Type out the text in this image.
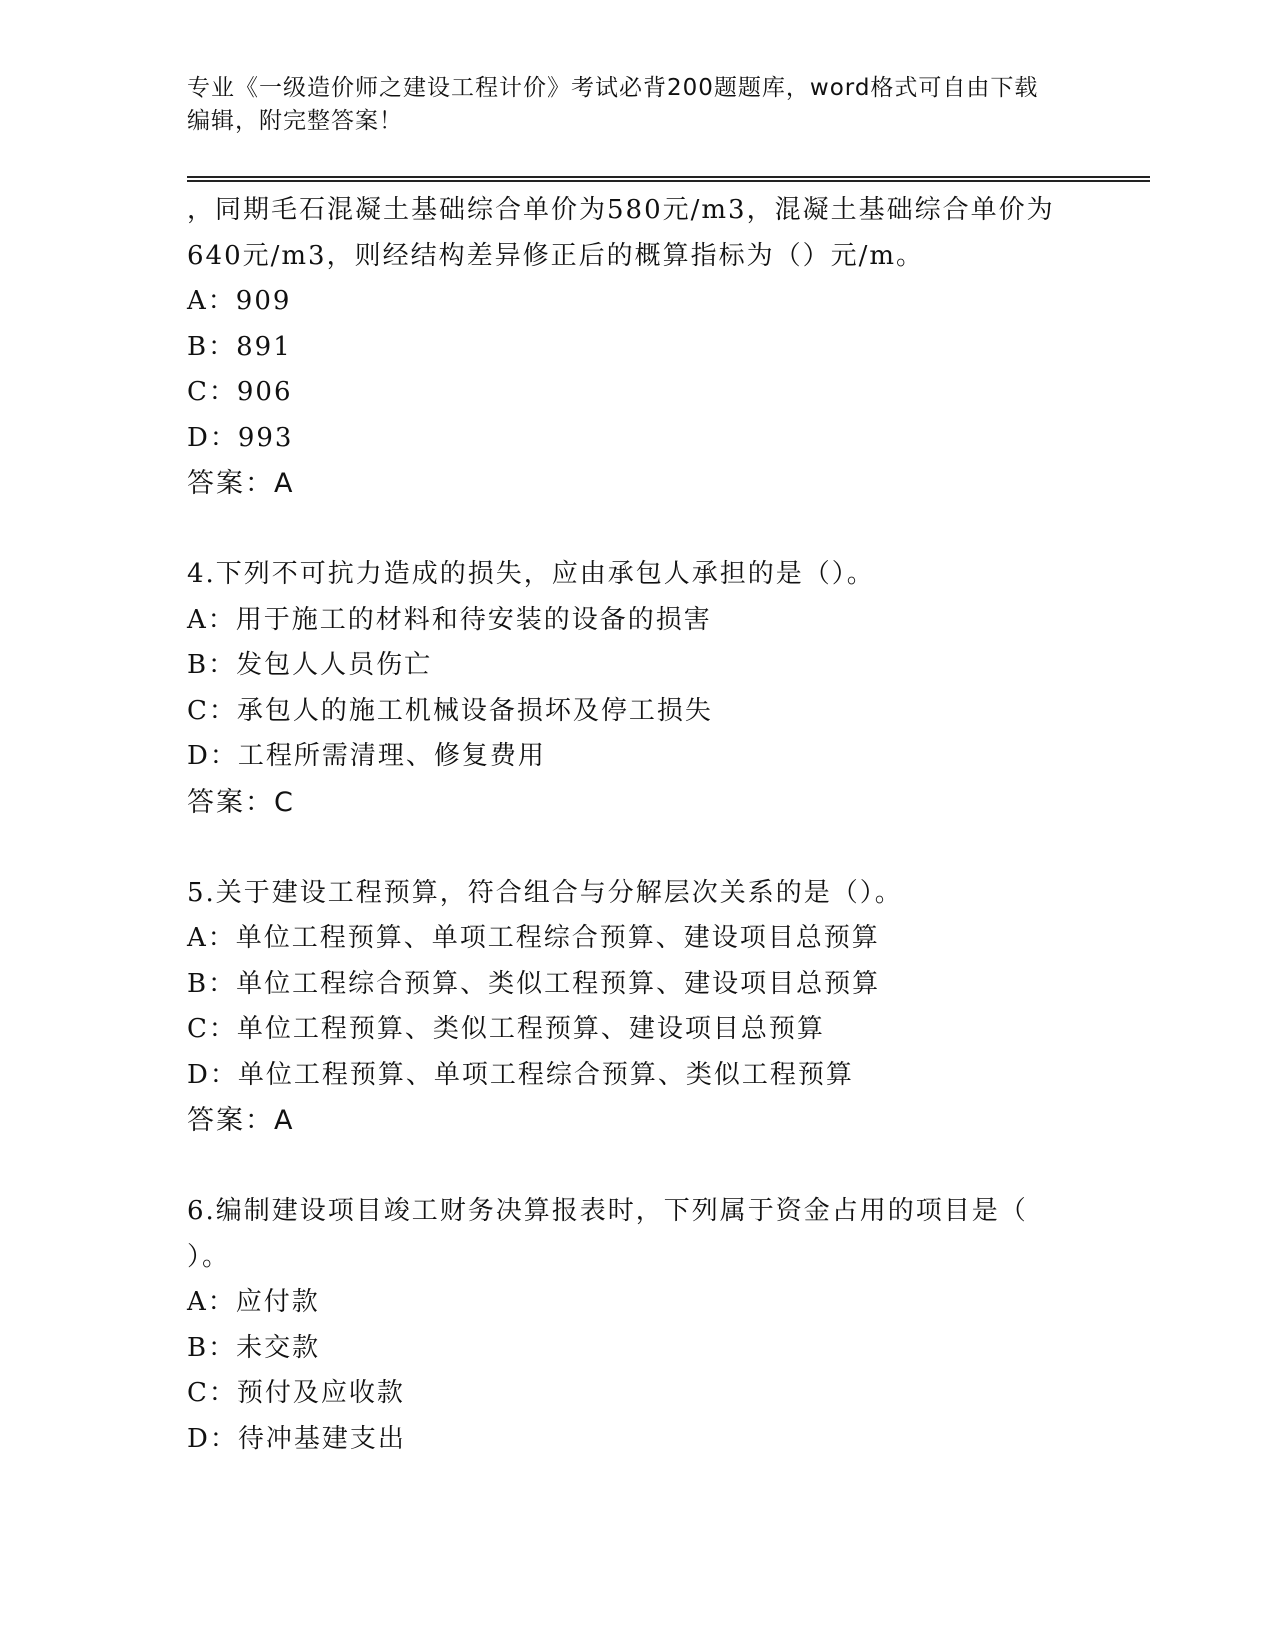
专业《一级造价师之建设工程计价》考试必背200题题库，word格式可自由下载
编辑，附完整答案！
，同期毛石混凝土基础综合单价为580元/m3，混凝土基础综合单价为
640元/m3，则经结构差异修正后的概算指标为（）元/m。
A：909
B：891
C：906
D：993
答案：A
4.下列不可抗力造成的损失，应由承包人承担的是（）。
A：用于施工的材料和待安装的设备的损害
B：发包人人员伤亡
C：承包人的施工机械设备损坏及停工损失
D：工程所需清理、修复费用
答案：C
5.关于建设工程预算，符合组合与分解层次关系的是（）。
A：单位工程预算、单项工程综合预算、建设项目总预算
B：单位工程综合预算、类似工程预算、建设项目总预算
C：单位工程预算、类似工程预算、建设项目总预算
D：单位工程预算、单项工程综合预算、类似工程预算
答案：A
6.编制建设项目竣工财务决算报表时，下列属于资金占用的项目是（
）。
A：应付款
B：未交款
C：预付及应收款
D：待冲基建支出
